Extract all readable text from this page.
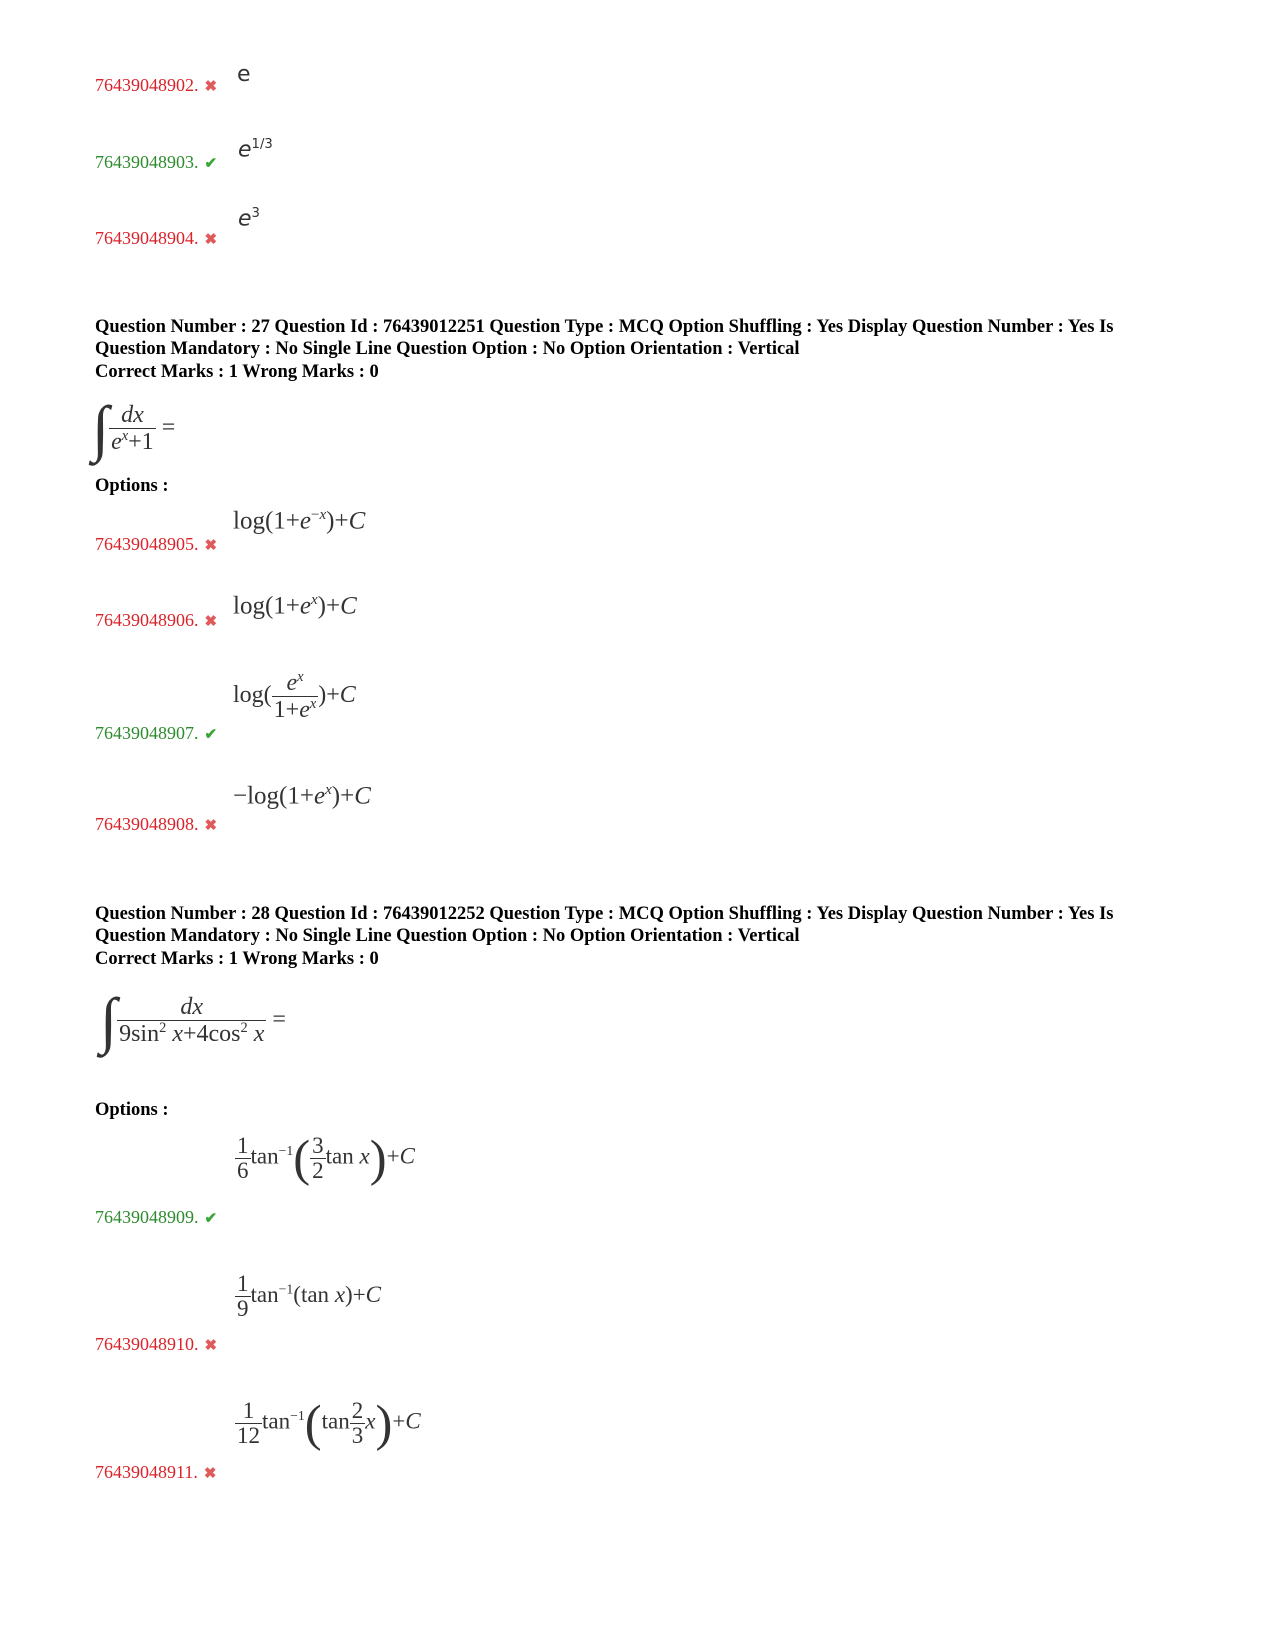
76439048902. ✖ e
76439048903. ✔
$e^{1/3}$
76439048904. ✖
$e^3$
Question Number : 27 Question Id : 76439012251 Question Type : MCQ Option Shuffling : Yes Display Question Number : Yes Is
Question Mandatory : No Single Line Question Option : No Option Orientation : Vertical
Correct Marks : 1 Wrong Marks : 0
∫ $\frac{dx}{e^x+1}$ =
Options :
76439048905. ✖
$\log(1+e^{-x})+C$
76439048906. ✖
$\log(1+e^x)+C$
76439048907. ✔
$\log( \frac{e^x}{1+e^x} )+C$
76439048908. ✖
$-\log(1+e^x)+C$
Question Number : 28 Question Id : 76439012252 Question Type : MCQ Option Shuffling : Yes Display Question Number : Yes Is
Question Mandatory : No Single Line Question Option : No Option Orientation : Vertical
Correct Marks : 1 Wrong Marks : 0
∫ $\frac{dx}{9\sin^2 x+4\cos^2 x}$ =
Options :
76439048909. ✔
$\frac{1}{6} \tan^{-1}( \frac{3}{2}$ tan x)+C
76439048910. ✖
$\frac{1}{9} \tan^{-1}(\tan$ x)+C
76439048911. ✖
$\frac{1}{12} \tan^{-1}(\tan \frac{2}{3} x)+C$
